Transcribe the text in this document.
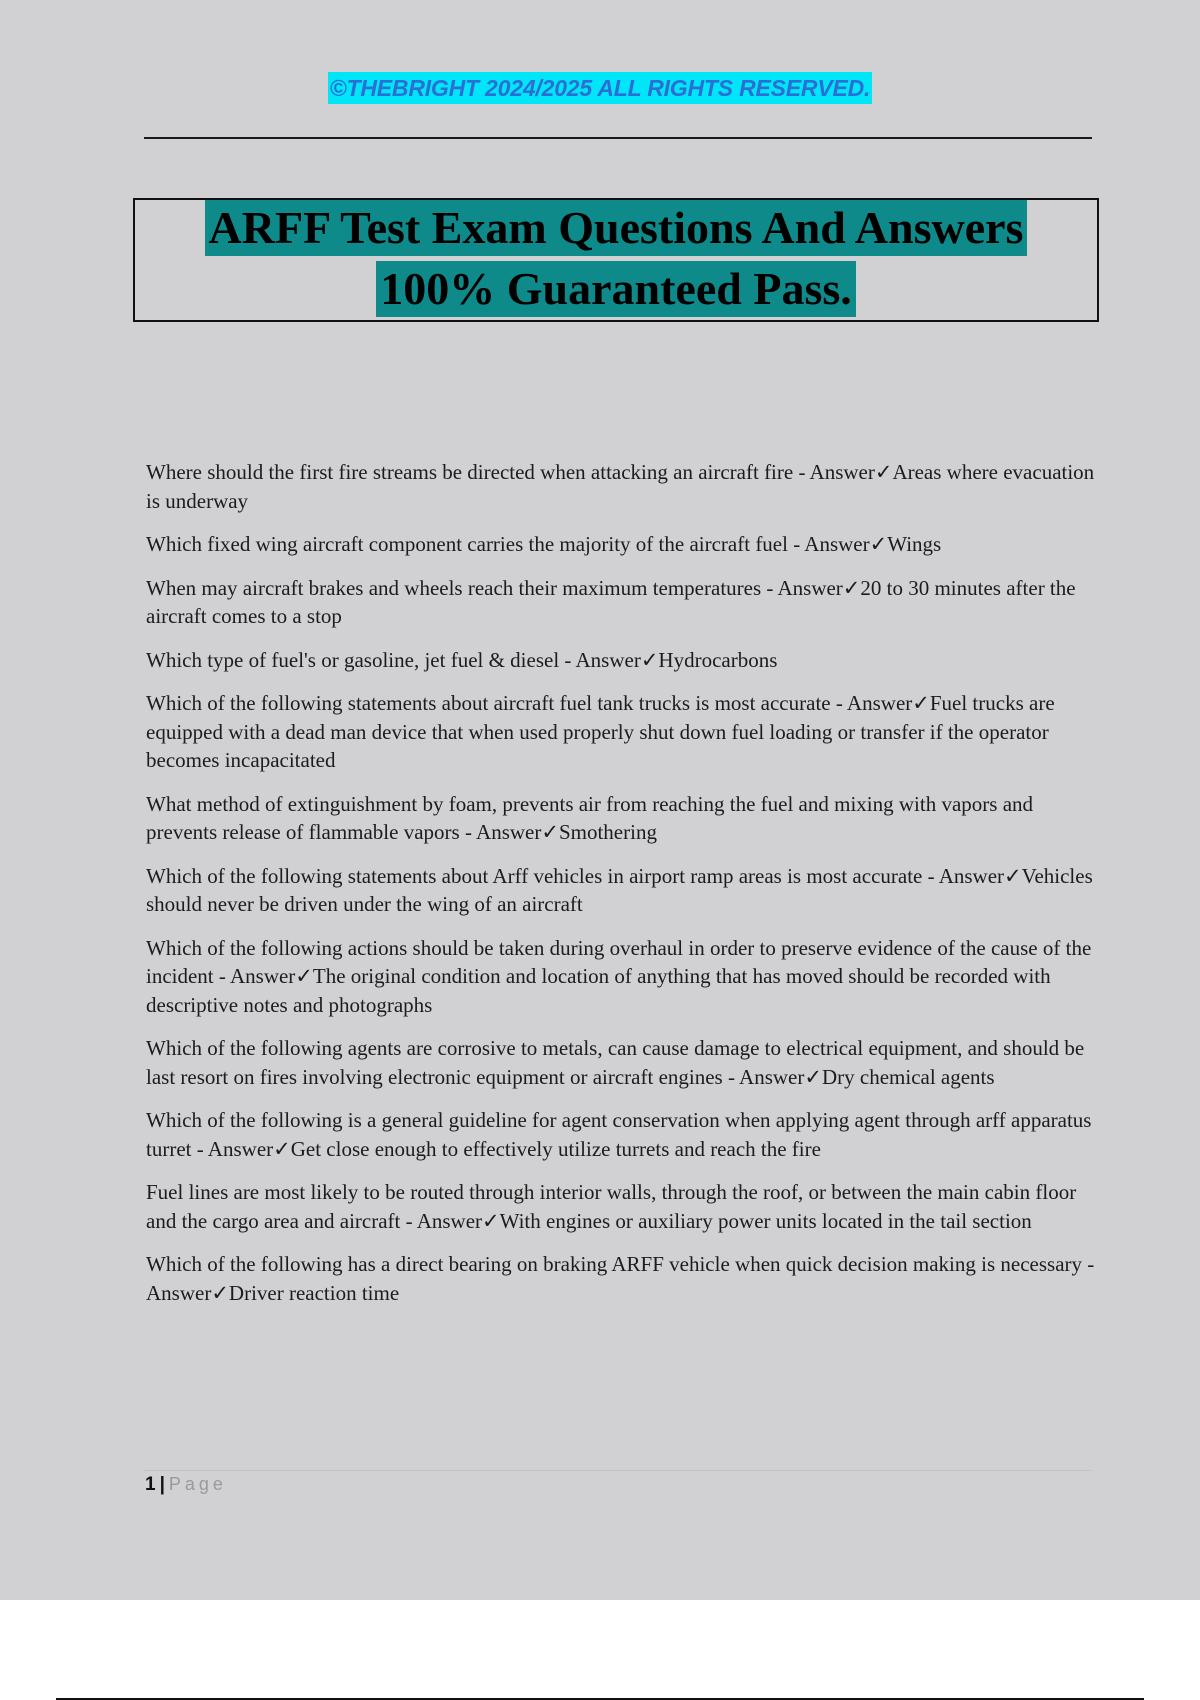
©THEBRIGHT 2024/2025 ALL RIGHTS RESERVED.
ARFF Test Exam Questions And Answers
100% Guaranteed Pass.

Where should the first fire streams be directed when attacking an aircraft fire - Answer✓Areas where evacuation is underway

Which fixed wing aircraft component carries the majority of the aircraft fuel - Answer✓Wings

When may aircraft brakes and wheels reach their maximum temperatures - Answer✓20 to 30 minutes after the aircraft comes to a stop

Which type of fuel's or gasoline, jet fuel & diesel - Answer✓Hydrocarbons

Which of the following statements about aircraft fuel tank trucks is most accurate - Answer✓Fuel trucks are equipped with a dead man device that when used properly shut down fuel loading or transfer if the operator becomes incapacitated

What method of extinguishment by foam, prevents air from reaching the fuel and mixing with vapors and prevents release of flammable vapors - Answer✓Smothering

Which of the following statements about Arff vehicles in airport ramp areas is most accurate - Answer✓Vehicles should never be driven under the wing of an aircraft

Which of the following actions should be taken during overhaul in order to preserve evidence of the cause of the incident - Answer✓The original condition and location of anything that has moved should be recorded with descriptive notes and photographs

Which of the following agents are corrosive to metals, can cause damage to electrical equipment, and should be last resort on fires involving electronic equipment or aircraft engines - Answer✓Dry chemical agents

Which of the following is a general guideline for agent conservation when applying agent through arff apparatus turret - Answer✓Get close enough to effectively utilize turrets and reach the fire

Fuel lines are most likely to be routed through interior walls, through the roof, or between the main cabin floor and the cargo area and aircraft - Answer✓With engines or auxiliary power units located in the tail section

Which of the following has a direct bearing on braking ARFF vehicle when quick decision making is necessary - Answer✓Driver reaction time

1 | Page
